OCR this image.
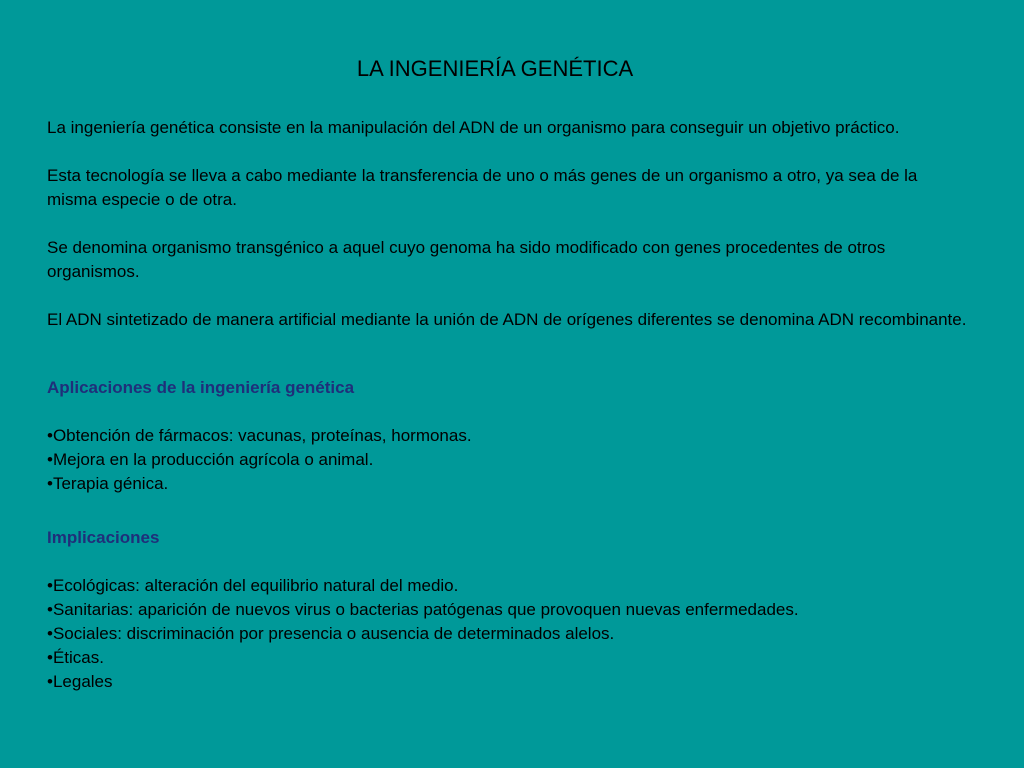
LA INGENIERÍA GENÉTICA

La ingeniería genética consiste en la manipulación del ADN de un organismo para conseguir un objetivo práctico.

Esta tecnología se lleva a cabo mediante la transferencia de uno o más genes de un organismo a otro, ya sea de la misma especie o de otra.

Se denomina organismo transgénico a aquel cuyo genoma ha sido modificado con genes procedentes de otros organismos.

El ADN sintetizado de manera artificial mediante la unión de ADN de orígenes diferentes se denomina ADN recombinante.

Aplicaciones de la ingeniería genética

•Obtención de fármacos: vacunas, proteínas, hormonas.
•Mejora en la producción agrícola o animal.
•Terapia génica.

Implicaciones

•Ecológicas: alteración del equilibrio natural del medio.
•Sanitarias: aparición de nuevos virus o bacterias patógenas que provoquen nuevas enfermedades.
•Sociales: discriminación por presencia o ausencia de determinados alelos.
•Éticas.
•Legales
